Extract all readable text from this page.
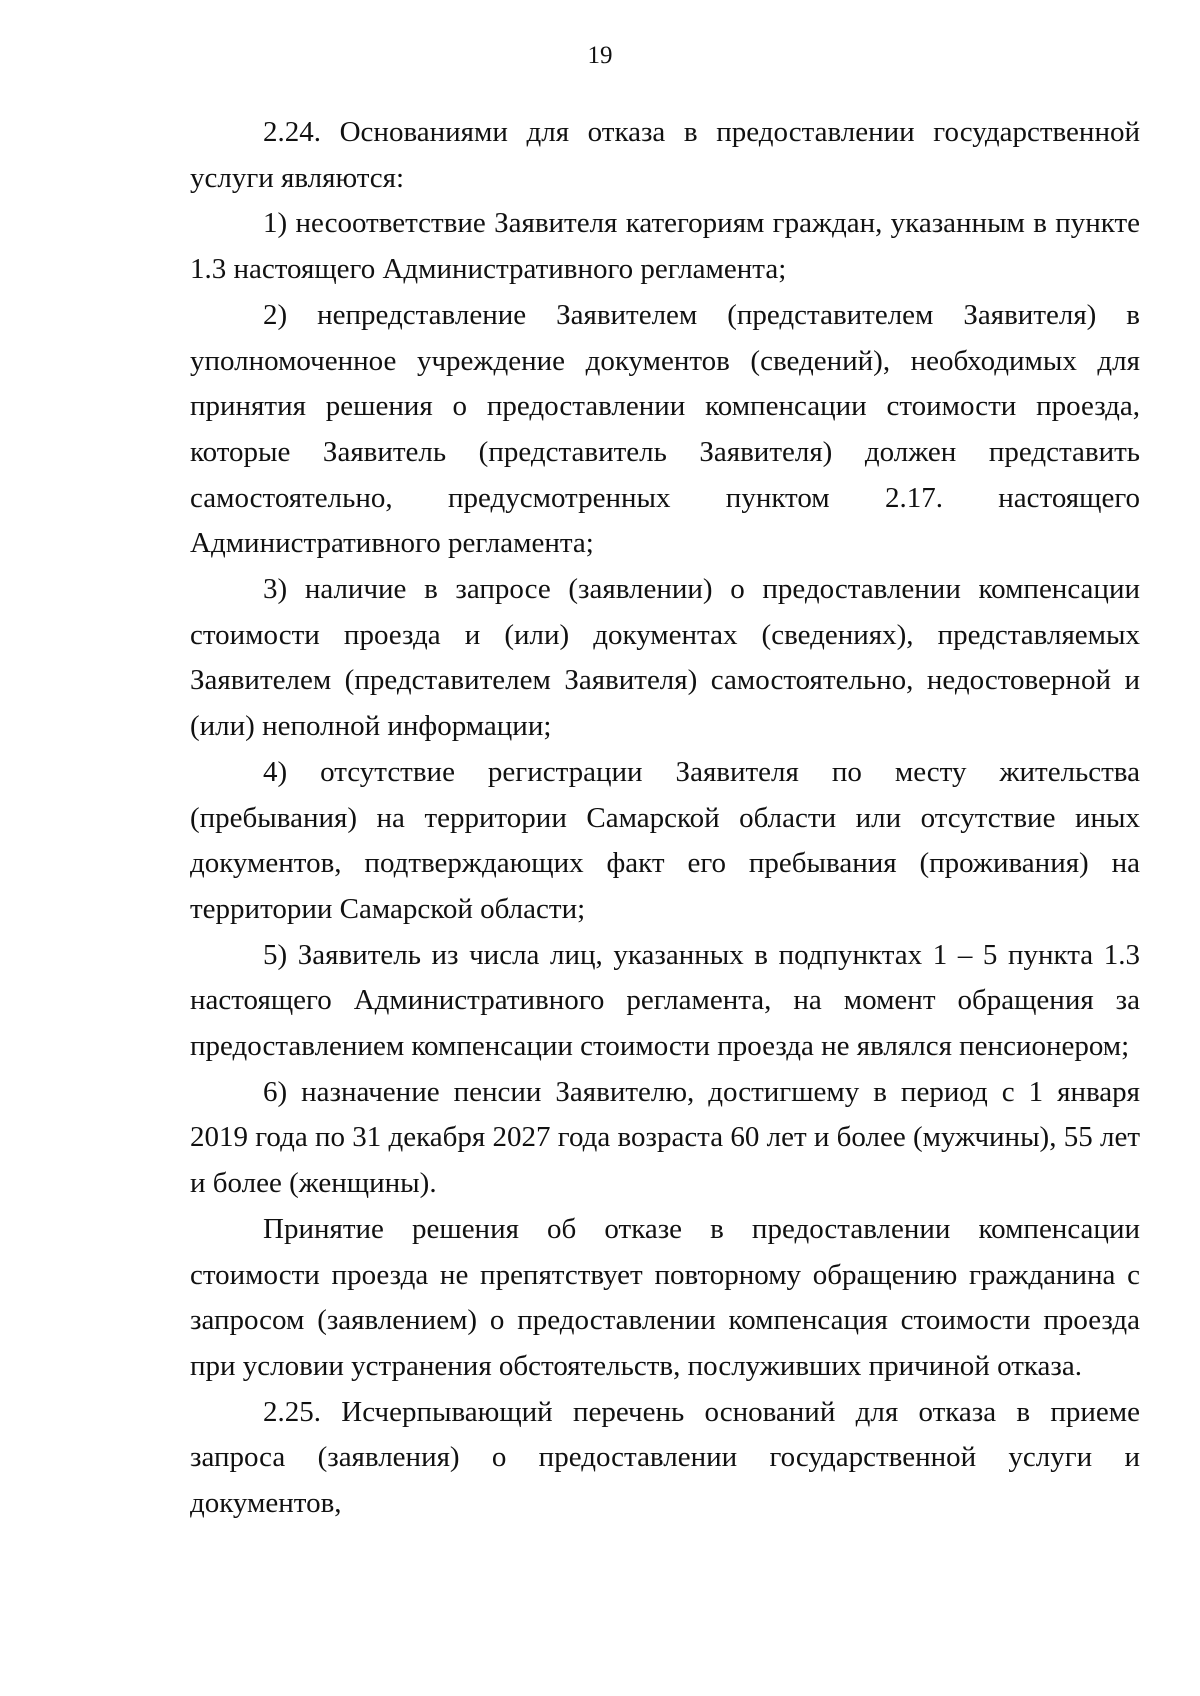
19

2.24. Основаниями для отказа в предоставлении государственной услуги являются:

1) несоответствие Заявителя категориям граждан, указанным в пункте 1.3 настоящего Административного регламента;

2) непредставление Заявителем (представителем Заявителя) в уполномоченное учреждение документов (сведений), необходимых для принятия решения о предоставлении компенсации стоимости проезда, которые Заявитель (представитель Заявителя) должен представить самостоятельно, предусмотренных пунктом 2.17. настоящего Административного регламента;

3) наличие в запросе (заявлении) о предоставлении компенсации стоимости проезда и (или) документах (сведениях), представляемых Заявителем (представителем Заявителя) самостоятельно, недостоверной и (или) неполной информации;

4) отсутствие регистрации Заявителя по месту жительства (пребывания) на территории Самарской области или отсутствие иных документов, подтверждающих факт его пребывания (проживания) на территории Самарской области;

5) Заявитель из числа лиц, указанных в подпунктах 1 – 5 пункта 1.3 настоящего Административного регламента, на момент обращения за предоставлением компенсации стоимости проезда не являлся пенсионером;

6) назначение пенсии Заявителю, достигшему в период с 1 января 2019 года по 31 декабря 2027 года возраста 60 лет и более (мужчины), 55 лет и более (женщины).

Принятие решения об отказе в предоставлении компенсации стоимости проезда не препятствует повторному обращению гражданина с запросом (заявлением) о предоставлении компенсация стоимости проезда при условии устранения обстоятельств, послуживших причиной отказа.

2.25. Исчерпывающий перечень оснований для отказа в приеме запроса (заявления) о предоставлении государственной услуги и документов,
